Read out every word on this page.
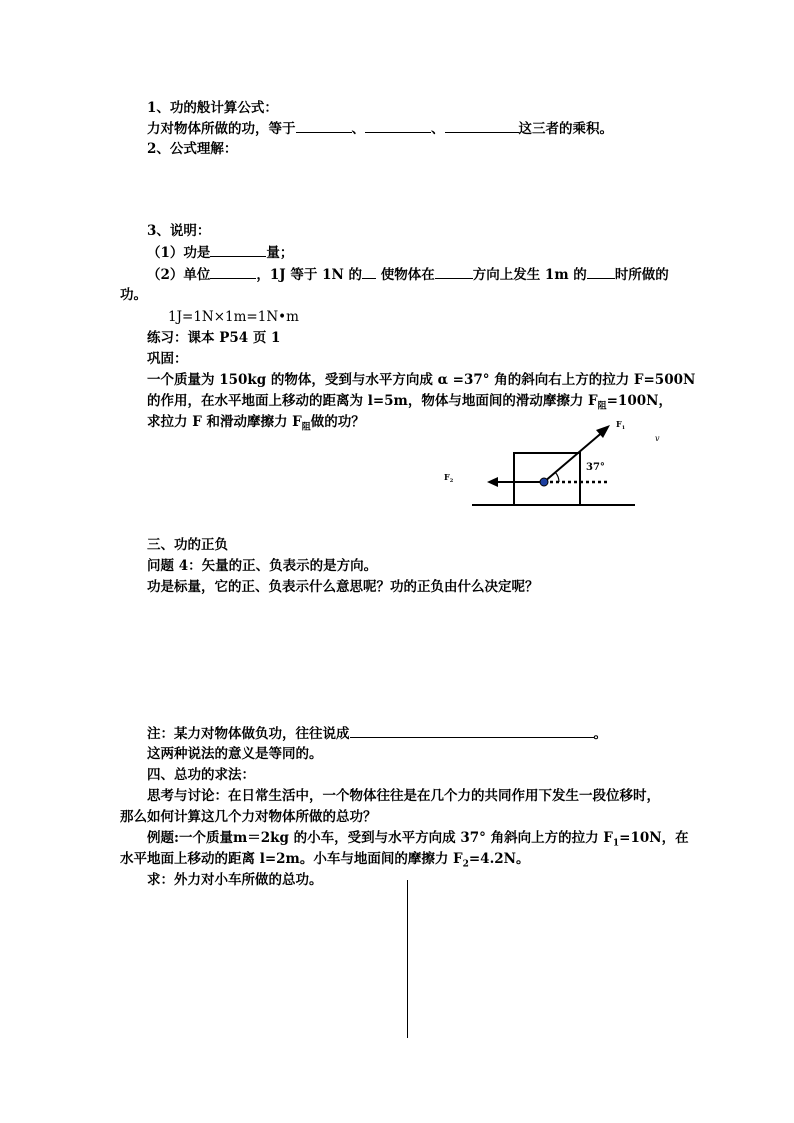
1、功的般计算公式：
力对物体所做的功，等于	、	、	这三者的乘积。
2、公式理解：
3、说明：
（1）功是	量；
（2）单位	，1J 等于 1N 的 使物体在	方向上发生 1m 的 时所做的
功。
1J=1N×1m=1N•m
练习：课本 P54 页 1
巩固：
一个质量为 150kg 的物体，受到与水平方向成 α =37° 角的斜向右上方的拉力 F=500N
的作用，在水平地面上移动的距离为 l=5m，物体与地面间的滑动摩擦力 $F_阻=100N$，
求拉力 F 和滑动摩擦力 $F_阻$做的功？
37°
$F_1$
$F_2$
v
三、功的正负
问题 4：矢量的正、负表示的是方向。
功是标量，它的正、负表示什么意思呢？功的正负由什么决定呢？
注：某力对物体做负功，往往说成	。
这两种说法的意义是等同的。
四、总功的求法：
思考与讨论：在日常生活中，一个物体往往是在几个力的共同作用下发生一段位移时，
那么如何计算这几个力对物体所做的总功？
例题:一个质量m＝2kg 的小车，受到与水平方向成 37° 角斜向上方的拉力 $F_1=10N$，在
水平地面上移动的距离 l=2m。小车与地面间的摩擦力 $F_2=4.2N$。
求：外力对小车所做的总功。
